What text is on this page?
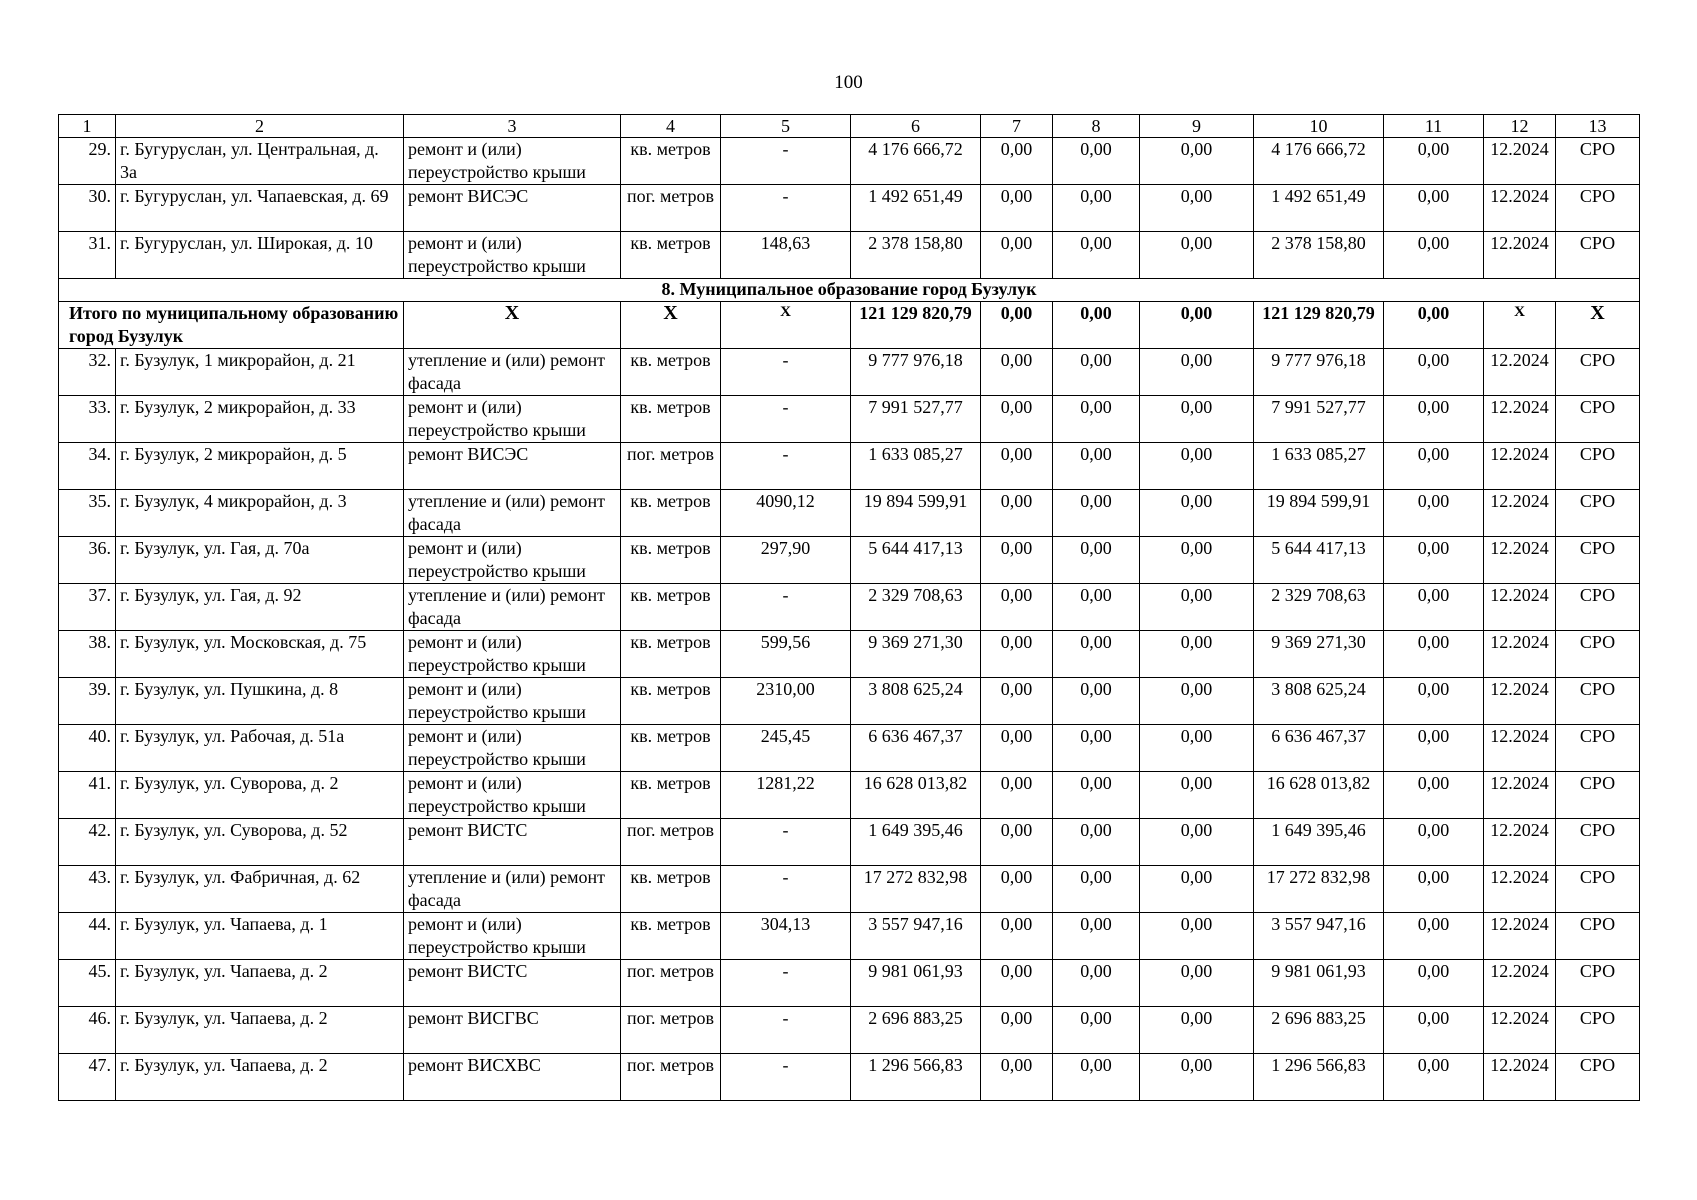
100
1	2	3	4	5	6	7	8	9	10	11	12	13
29.	г. Бугуруслан, ул. Центральная, д. 3а	ремонт и (или) переустройство крыши	кв. метров	-	4 176 666,72	0,00	0,00	0,00	4 176 666,72	0,00	12.2024	СРО
30.	г. Бугуруслан, ул. Чапаевская, д. 69	ремонт ВИСЭС	пог. метров	-	1 492 651,49	0,00	0,00	0,00	1 492 651,49	0,00	12.2024	СРО
31.	г. Бугуруслан, ул. Широкая, д. 10	ремонт и (или) переустройство крыши	кв. метров	148,63	2 378 158,80	0,00	0,00	0,00	2 378 158,80	0,00	12.2024	СРО
8. Муниципальное образование город Бузулук												
Итого по муниципальному образованию город Бузулук		X	X	X	121 129 820,79	0,00	0,00	0,00	121 129 820,79	0,00	X	X
32.	г. Бузулук, 1 микрорайон, д. 21	утепление и (или) ремонт фасада	кв. метров	-	9 777 976,18	0,00	0,00	0,00	9 777 976,18	0,00	12.2024	СРО
33.	г. Бузулук, 2 микрорайон, д. 33	ремонт и (или) переустройство крыши	кв. метров	-	7 991 527,77	0,00	0,00	0,00	7 991 527,77	0,00	12.2024	СРО
34.	г. Бузулук, 2 микрорайон, д. 5	ремонт ВИСЭС	пог. метров	-	1 633 085,27	0,00	0,00	0,00	1 633 085,27	0,00	12.2024	СРО
35.	г. Бузулук, 4 микрорайон, д. 3	утепление и (или) ремонт фасада	кв. метров	4090,12	19 894 599,91	0,00	0,00	0,00	19 894 599,91	0,00	12.2024	СРО
36.	г. Бузулук, ул. Гая, д. 70а	ремонт и (или) переустройство крыши	кв. метров	297,90	5 644 417,13	0,00	0,00	0,00	5 644 417,13	0,00	12.2024	СРО
37.	г. Бузулук, ул. Гая, д. 92	утепление и (или) ремонт фасада	кв. метров	-	2 329 708,63	0,00	0,00	0,00	2 329 708,63	0,00	12.2024	СРО
38.	г. Бузулук, ул. Московская, д. 75	ремонт и (или) переустройство крыши	кв. метров	599,56	9 369 271,30	0,00	0,00	0,00	9 369 271,30	0,00	12.2024	СРО
39.	г. Бузулук, ул. Пушкина, д. 8	ремонт и (или) переустройство крыши	кв. метров	2310,00	3 808 625,24	0,00	0,00	0,00	3 808 625,24	0,00	12.2024	СРО
40.	г. Бузулук, ул. Рабочая, д. 51а	ремонт и (или) переустройство крыши	кв. метров	245,45	6 636 467,37	0,00	0,00	0,00	6 636 467,37	0,00	12.2024	СРО
41.	г. Бузулук, ул. Суворова, д. 2	ремонт и (или) переустройство крыши	кв. метров	1281,22	16 628 013,82	0,00	0,00	0,00	16 628 013,82	0,00	12.2024	СРО
42.	г. Бузулук, ул. Суворова, д. 52	ремонт ВИСТС	пог. метров	-	1 649 395,46	0,00	0,00	0,00	1 649 395,46	0,00	12.2024	СРО
43.	г. Бузулук, ул. Фабричная, д. 62	утепление и (или) ремонт фасада	кв. метров	-	17 272 832,98	0,00	0,00	0,00	17 272 832,98	0,00	12.2024	СРО
44.	г. Бузулук, ул. Чапаева, д. 1	ремонт и (или) переустройство крыши	кв. метров	304,13	3 557 947,16	0,00	0,00	0,00	3 557 947,16	0,00	12.2024	СРО
45.	г. Бузулук, ул. Чапаева, д. 2	ремонт ВИСТС	пог. метров	-	9 981 061,93	0,00	0,00	0,00	9 981 061,93	0,00	12.2024	СРО
46.	г. Бузулук, ул. Чапаева, д. 2	ремонт ВИСГВС	пог. метров	-	2 696 883,25	0,00	0,00	0,00	2 696 883,25	0,00	12.2024	СРО
47.	г. Бузулук, ул. Чапаева, д. 2	ремонт ВИСХВС	пог. метров	-	1 296 566,83	0,00	0,00	0,00	1 296 566,83	0,00	12.2024	СРО
